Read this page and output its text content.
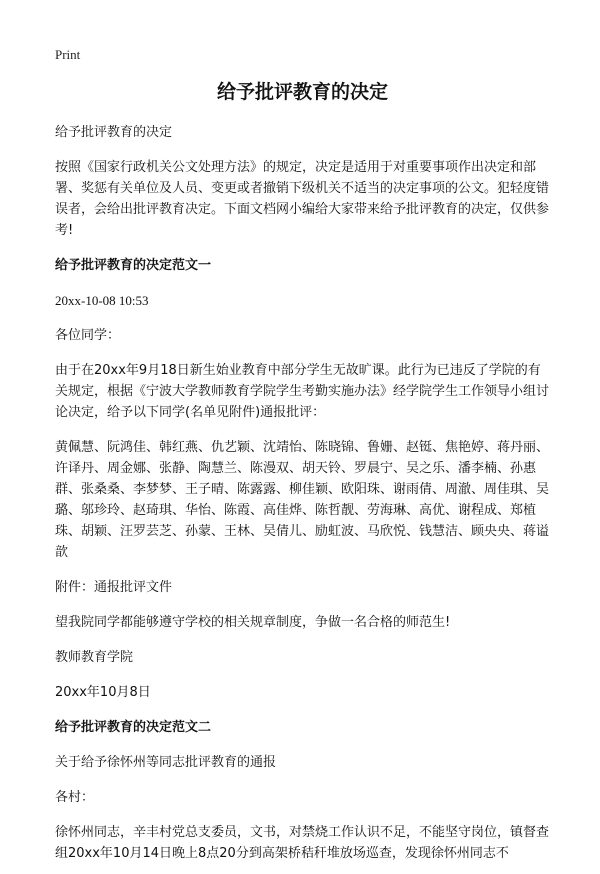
Print
给予批评教育的决定
给予批评教育的决定
按照《国家行政机关公文处理方法》的规定，决定是适用于对重要事项作出决定和部署、奖惩有关单位及人员、变更或者撤销下级机关不适当的决定事项的公文。犯轻度错误者，会给出批评教育决定。下面文档网小编给大家带来给予批评教育的决定，仅供参考!
给予批评教育的决定范文一
20xx-10-08 10:53
各位同学：
由于在20xx年9月18日新生始业教育中部分学生无故旷课。此行为已违反了学院的有关规定，根据《宁波大学教师教育学院学生考勤实施办法》经学院学生工作领导小组讨论决定，给予以下同学(名单见附件)通报批评：
黄佩慧、阮鸿佳、韩红燕、仇艺颖、沈靖怡、陈晓锦、鲁姗、赵铤、焦艳婷、蒋丹丽、许译丹、周金娜、张静、陶慧兰、陈漫双、胡天铃、罗晨宁、吴之乐、潘李楠、孙惠群、张桑桑、李梦梦、王子晴、陈露露、柳佳颖、欧阳珠、谢雨倩、周澈、周佳琪、吴璐、邬珍玲、赵琦琪、华怡、陈霞、高佳烨、陈哲靓、劳海琳、高优、谢程成、郑植珠、胡颖、汪罗芸芝、孙蒙、王林、吴倩儿、励虹波、马欣悦、钱慧洁、顾央央、蒋谥歆
附件：通报批评文件
望我院同学都能够遵守学校的相关规章制度，争做一名合格的师范生!
教师教育学院
20xx年10月8日
给予批评教育的决定范文二
关于给予徐怀州等同志批评教育的通报
各村：
徐怀州同志，辛丰村党总支委员，文书，对禁烧工作认识不足，不能坚守岗位，镇督查组20xx年10月14日晚上8点20分到高架桥秸秆堆放场巡查，发现徐怀州同志不
